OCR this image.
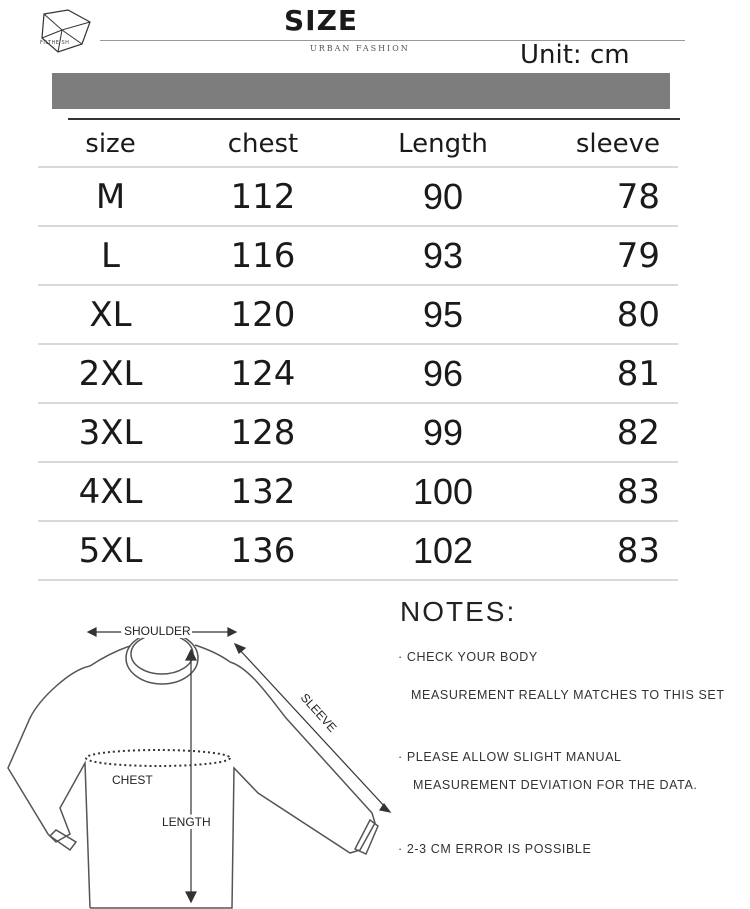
FILTHE SH
SIZE
URBAN FASHION	Unit: cm
size	chest	Length	sleeve
M	112	90	78
L	116	93	79
XL	120	95	80
2XL	124	96	81
3XL	128	99	82
4XL	132	100	83
5XL	136	102	83
SHOULDER
CHEST
LENGTH
SLEEVE
NOTES:
· CHECK YOUR BODY
MEASUREMENT REALLY MATCHES TO THIS SET
· PLEASE ALLOW SLIGHT MANUAL
MEASUREMENT DEVIATION FOR THE DATA.
· 2-3 CM ERROR IS POSSIBLE
